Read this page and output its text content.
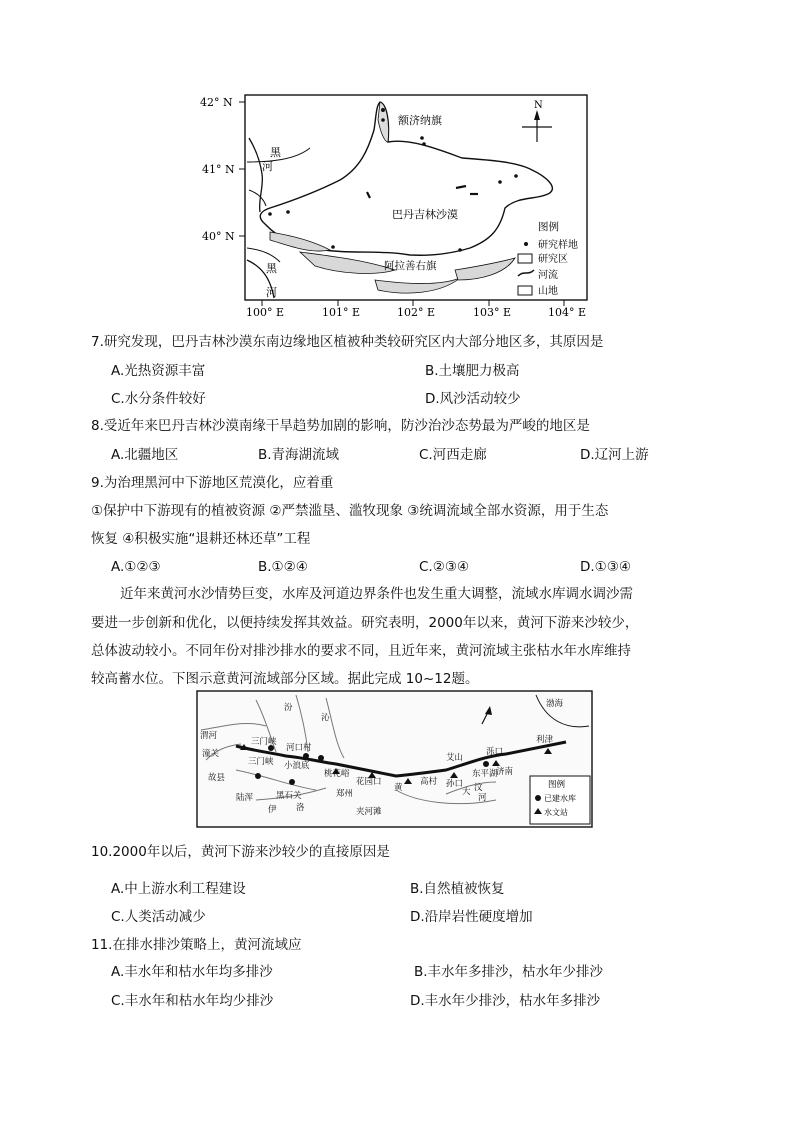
42° N
41° N
40° N
100° E	101° E	102° E	103° E	104° E
额济纳旗
巴丹吉林沙漠
阿拉善右旗
黑
河
黑
河
N
图例
研究样地
研究区
河流
山地
7.研究发现，巴丹吉林沙漠东南边缘地区植被种类较研究区内大部分地区多，其原因是
A.光热资源丰富	B.土壤肥力极高
C.水分条件较好	D.风沙活动较少
8.受近年来巴丹吉林沙漠南缘干旱趋势加剧的影响，防沙治沙态势最为严峻的地区是
A.北疆地区	B.青海湖流域	C.河西走廊	D.辽河上游
9.为治理黑河中下游地区荒漠化，应着重
①保护中下游现有的植被资源 ②严禁滥垦、滥牧现象 ③统调流域全部水资源，用于生态
恢复 ④积极实施“退耕还林还草”工程
A.①②③	B.①②④	C.②③④	D.①③④
近年来黄河水沙情势巨变，水库及河道边界条件也发生重大调整，流域水库调水调沙需
要进一步创新和优化，以便持续发挥其效益。研究表明，2000年以来，黄河下游来沙较少，
总体波动较小。不同年份对排沙排水的要求不同，且近年来，黄河流域主张枯水年水库维持
较高蓄水位。下图示意黄河流域部分区域。据此完成 10~12题。
渤海
利津
三门峡
河口村
潼关
三门峡 小浪底
桃花峪
艾山
泺口
济南
故县
陆浑	黑石关	郑州
花园口	高村 孙口
东平湖
夹河滩
渭河
汾
沁
黄
河
大 汶
伊 洛
图例
已建水库
水文站
10.2000年以后，黄河下游来沙较少的直接原因是
A.中上游水利工程建设	B.自然植被恢复
C.人类活动减少	D.沿岸岩性硬度增加
11.在排水排沙策略上，黄河流域应
A.丰水年和枯水年均多排沙	B.丰水年多排沙，枯水年少排沙
C.丰水年和枯水年均少排沙	D.丰水年少排沙，枯水年多排沙
